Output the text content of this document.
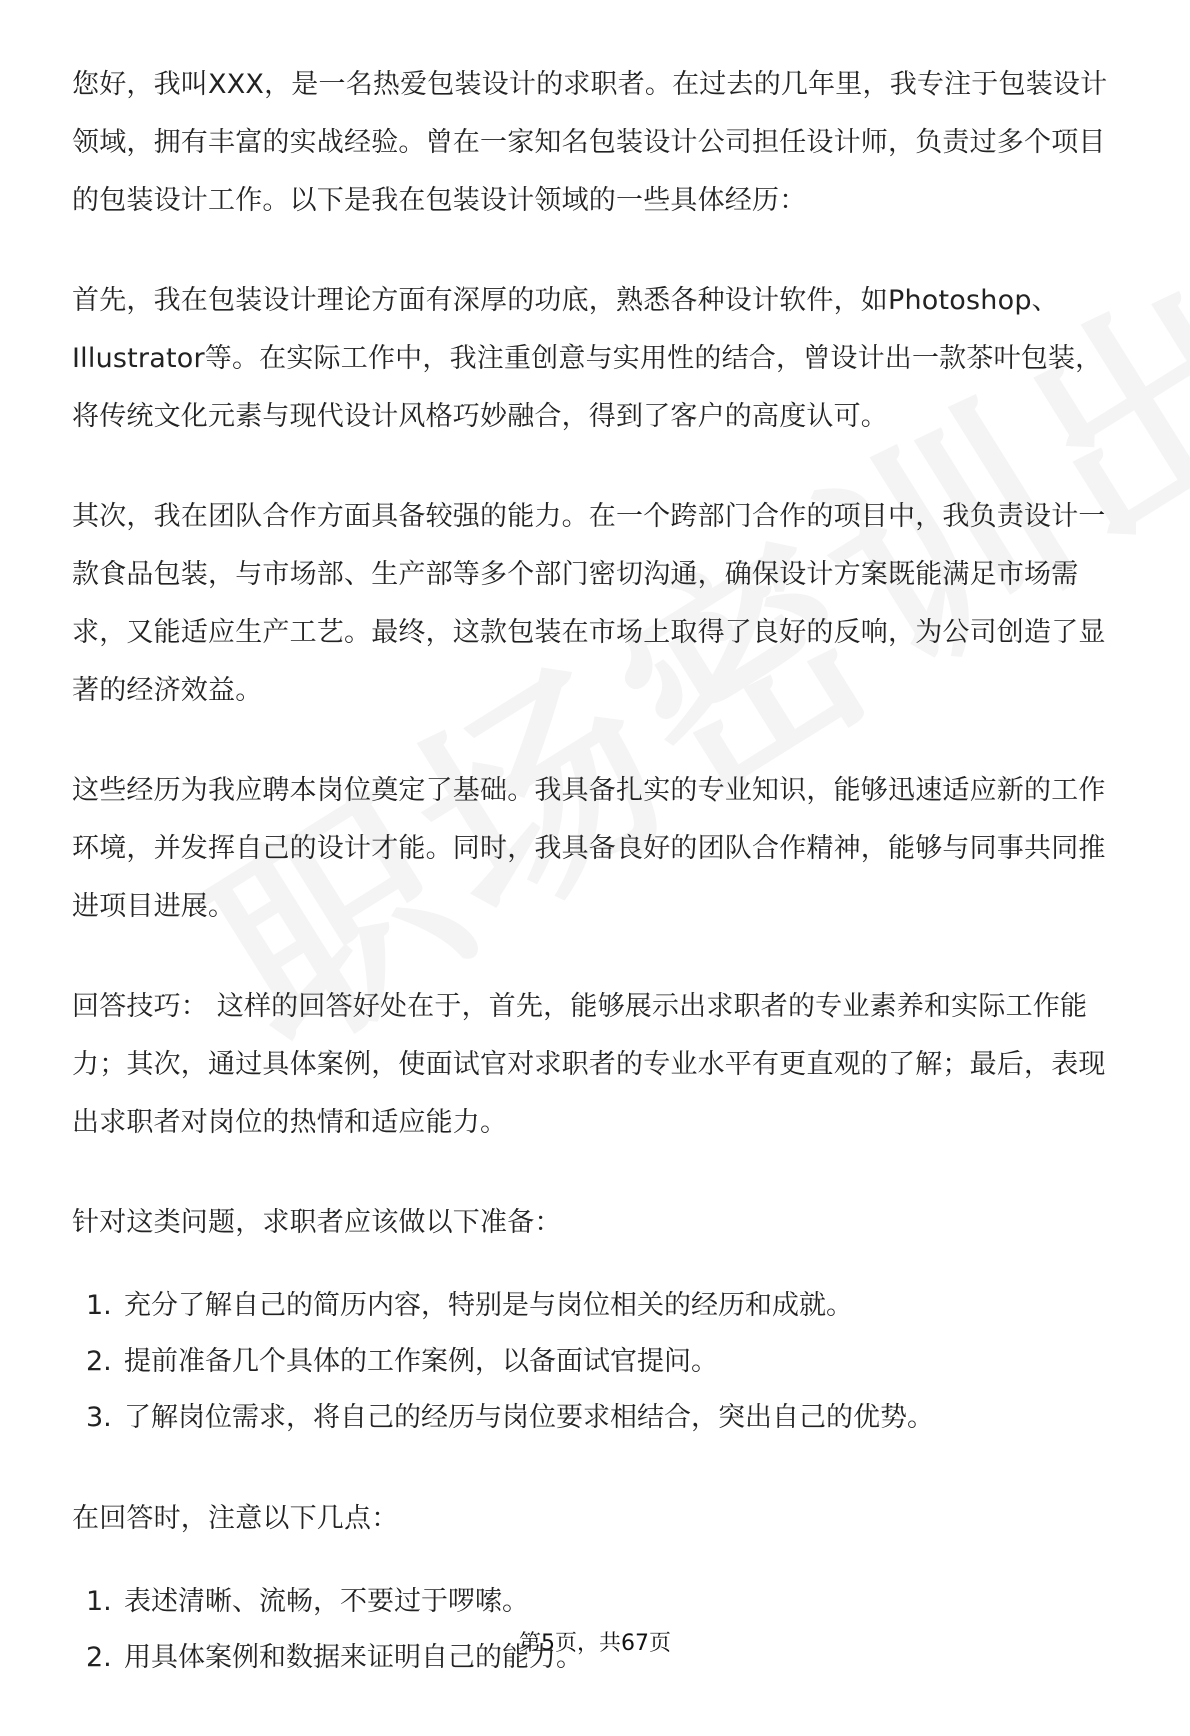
您好，我叫XXX，是一名热爱包装设计的求职者。在过去的几年里，我专注于包装设计领域，拥有丰富的实战经验。曾在一家知名包装设计公司担任设计师，负责过多个项目的包装设计工作。以下是我在包装设计领域的一些具体经历：

首先，我在包装设计理论方面有深厚的功底，熟悉各种设计软件，如Photoshop、Illustrator等。在实际工作中，我注重创意与实用性的结合，曾设计出一款茶叶包装，将传统文化元素与现代设计风格巧妙融合，得到了客户的高度认可。

其次，我在团队合作方面具备较强的能力。在一个跨部门合作的项目中，我负责设计一款食品包装，与市场部、生产部等多个部门密切沟通，确保设计方案既能满足市场需求，又能适应生产工艺。最终，这款包装在市场上取得了良好的反响，为公司创造了显著的经济效益。

这些经历为我应聘本岗位奠定了基础。我具备扎实的专业知识，能够迅速适应新的工作环境，并发挥自己的设计才能。同时，我具备良好的团队合作精神，能够与同事共同推进项目进展。

回答技巧： 这样的回答好处在于，首先，能够展示出求职者的专业素养和实际工作能力；其次，通过具体案例，使面试官对求职者的专业水平有更直观的了解；最后，表现出求职者对岗位的热情和适应能力。

针对这类问题，求职者应该做以下准备：

1. 充分了解自己的简历内容，特别是与岗位相关的经历和成就。
2. 提前准备几个具体的工作案例，以备面试官提问。
3. 了解岗位需求，将自己的经历与岗位要求相结合，突出自己的优势。

在回答时，注意以下几点：

1. 表述清晰、流畅，不要过于啰嗦。
2. 用具体案例和数据来证明自己的能力。
第5页，共67页
